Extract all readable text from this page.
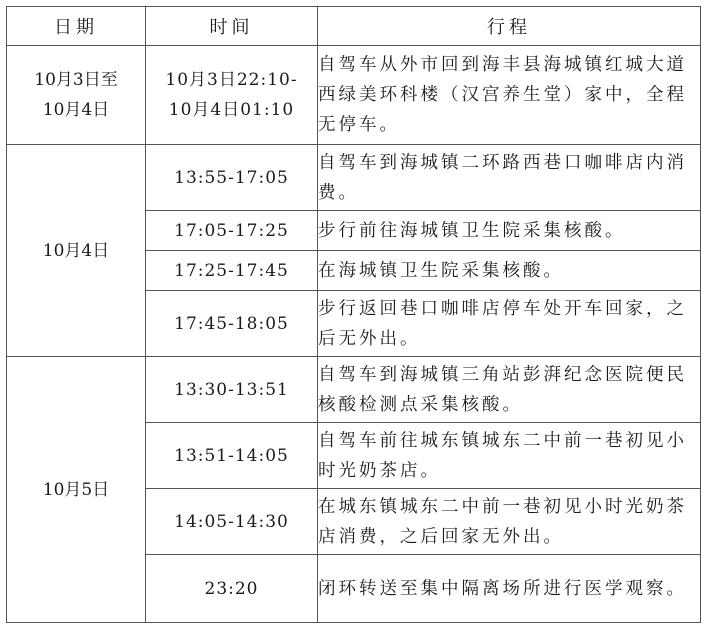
日期	时间	行程
10月3日至10月4日	10月3日22:10-10月4日01:10	自驾车从外市回到海丰县海城镇红城大道西绿美环科楼（汉宫养生堂）家中，全程无停车。
10月4日	13:55-17:05	自驾车到海城镇二环路西巷口咖啡店内消费。
	17:05-17:25	步行前往海城镇卫生院采集核酸。
	17:25-17:45	在海城镇卫生院采集核酸。
	17:45-18:05	步行返回巷口咖啡店停车处开车回家，之后无外出。
10月5日	13:30-13:51	自驾车到海城镇三角站彭湃纪念医院便民核酸检测点采集核酸。
	13:51-14:05	自驾车前往城东镇城东二中前一巷初见小时光奶茶店。
	14:05-14:30	在城东镇城东二中前一巷初见小时光奶茶店消费，之后回家无外出。
	23:20	闭环转送至集中隔离场所进行医学观察。
